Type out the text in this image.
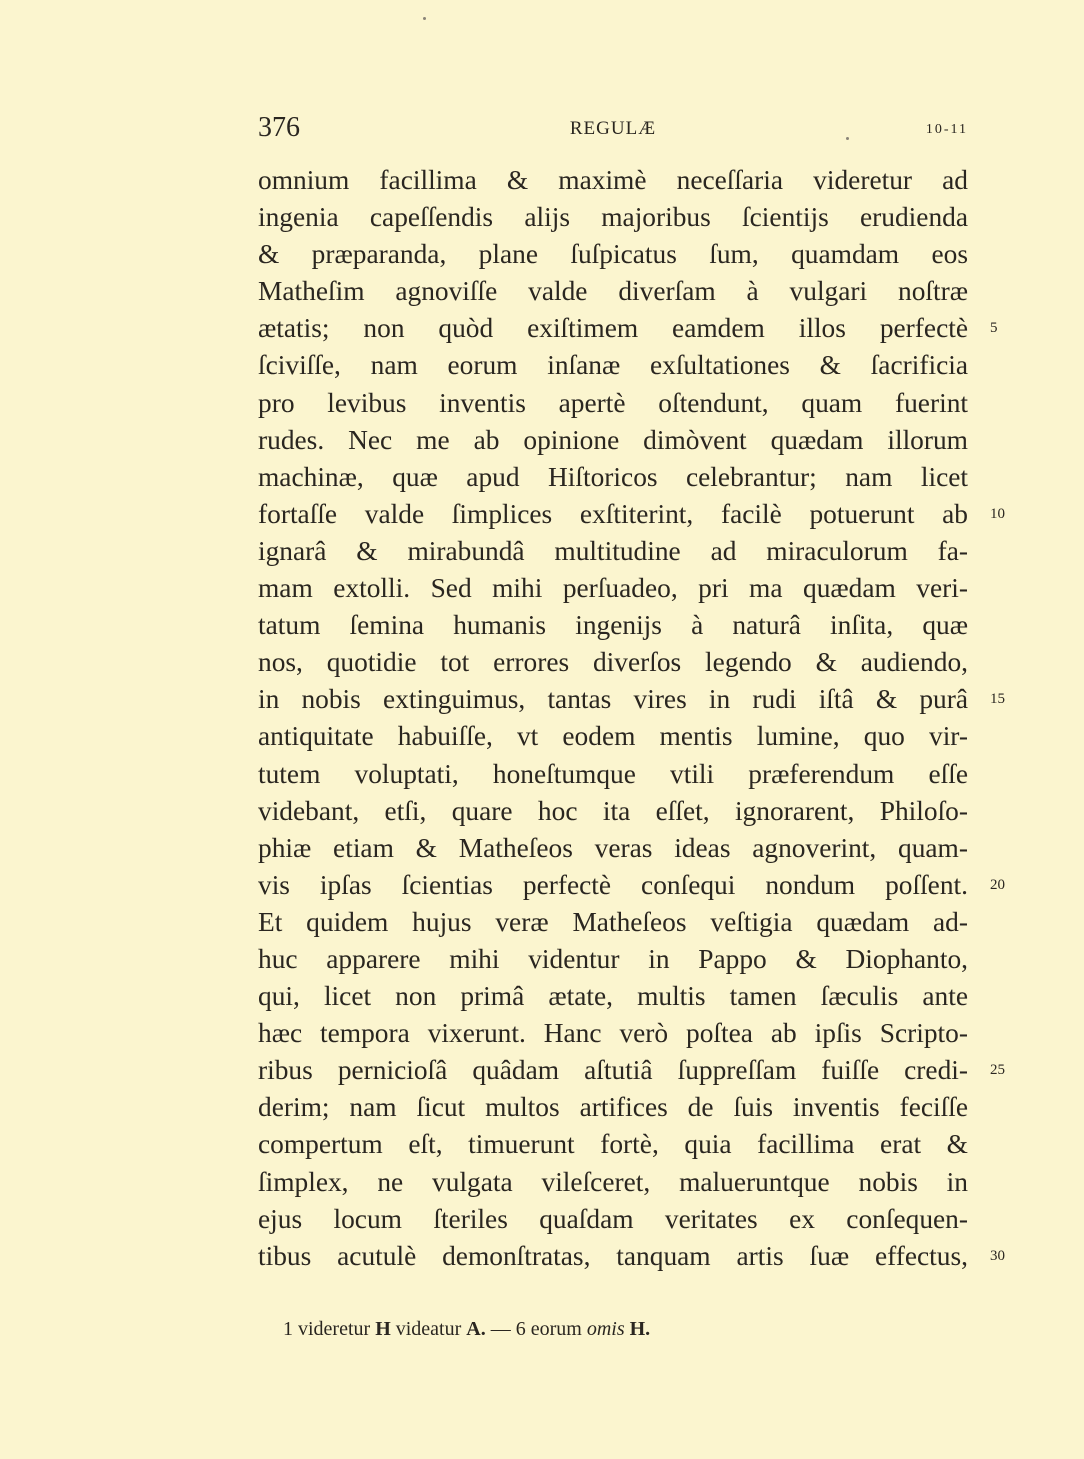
376	REGULÆ	10-11
omnium facillima & maximè neceſſaria videretur ad
ingenia capeſſendis alijs majoribus ſcientijs erudienda
& præparanda, plane ſuſpicatus ſum, quamdam eos
Matheſim agnoviſſe valde diverſam à vulgari noſtræ
ætatis; non quòd exiſtimem eamdem illos perfectè
ſciviſſe, nam eorum inſanæ exſultationes & ſacrificia
pro levibus inventis apertè oſtendunt, quam fuerint
rudes. Nec me ab opinione dimòvent quædam illorum
machinæ, quæ apud Hiſtoricos celebrantur; nam licet
fortaſſe valde ſimplices exſtiterint, facilè potuerunt ab
ignarâ & mirabundâ multitudine ad miraculorum fa-
mam extolli. Sed mihi perſuadeo, pri ma quædam veri-
tatum ſemina humanis ingenijs à naturâ inſita, quæ
nos, quotidie tot errores diverſos legendo & audiendo,
in nobis extinguimus, tantas vires in rudi iſtâ & purâ
antiquitate habuiſſe, vt eodem mentis lumine, quo vir-
tutem voluptati, honeſtumque vtili præferendum eſſe
videbant, etſi, quare hoc ita eſſet, ignorarent, Philoſo-
phiæ etiam & Matheſeos veras ideas agnoverint, quam-
vis ipſas ſcientias perfectè conſequi nondum poſſent.
Et quidem hujus veræ Matheſeos veſtigia quædam ad-
huc apparere mihi videntur in Pappo & Diophanto,
qui, licet non primâ ætate, multis tamen ſæculis ante
hæc tempora vixerunt. Hanc verò poſtea ab ipſis Scripto-
ribus pernicioſâ quâdam aſtutiâ ſuppreſſam fuiſſe credi-
derim; nam ſicut multos artifices de ſuis inventis feciſſe
compertum eſt, timuerunt fortè, quia facillima erat &
ſimplex, ne vulgata vileſceret, malueruntque nobis in
ejus locum ſteriles quaſdam veritates ex conſequen-
tibus acutulè demonſtratas, tanquam artis ſuæ effectus,
5
10
15
20
25
30
1 videretur H videatur A. — 6 eorum omis H.
